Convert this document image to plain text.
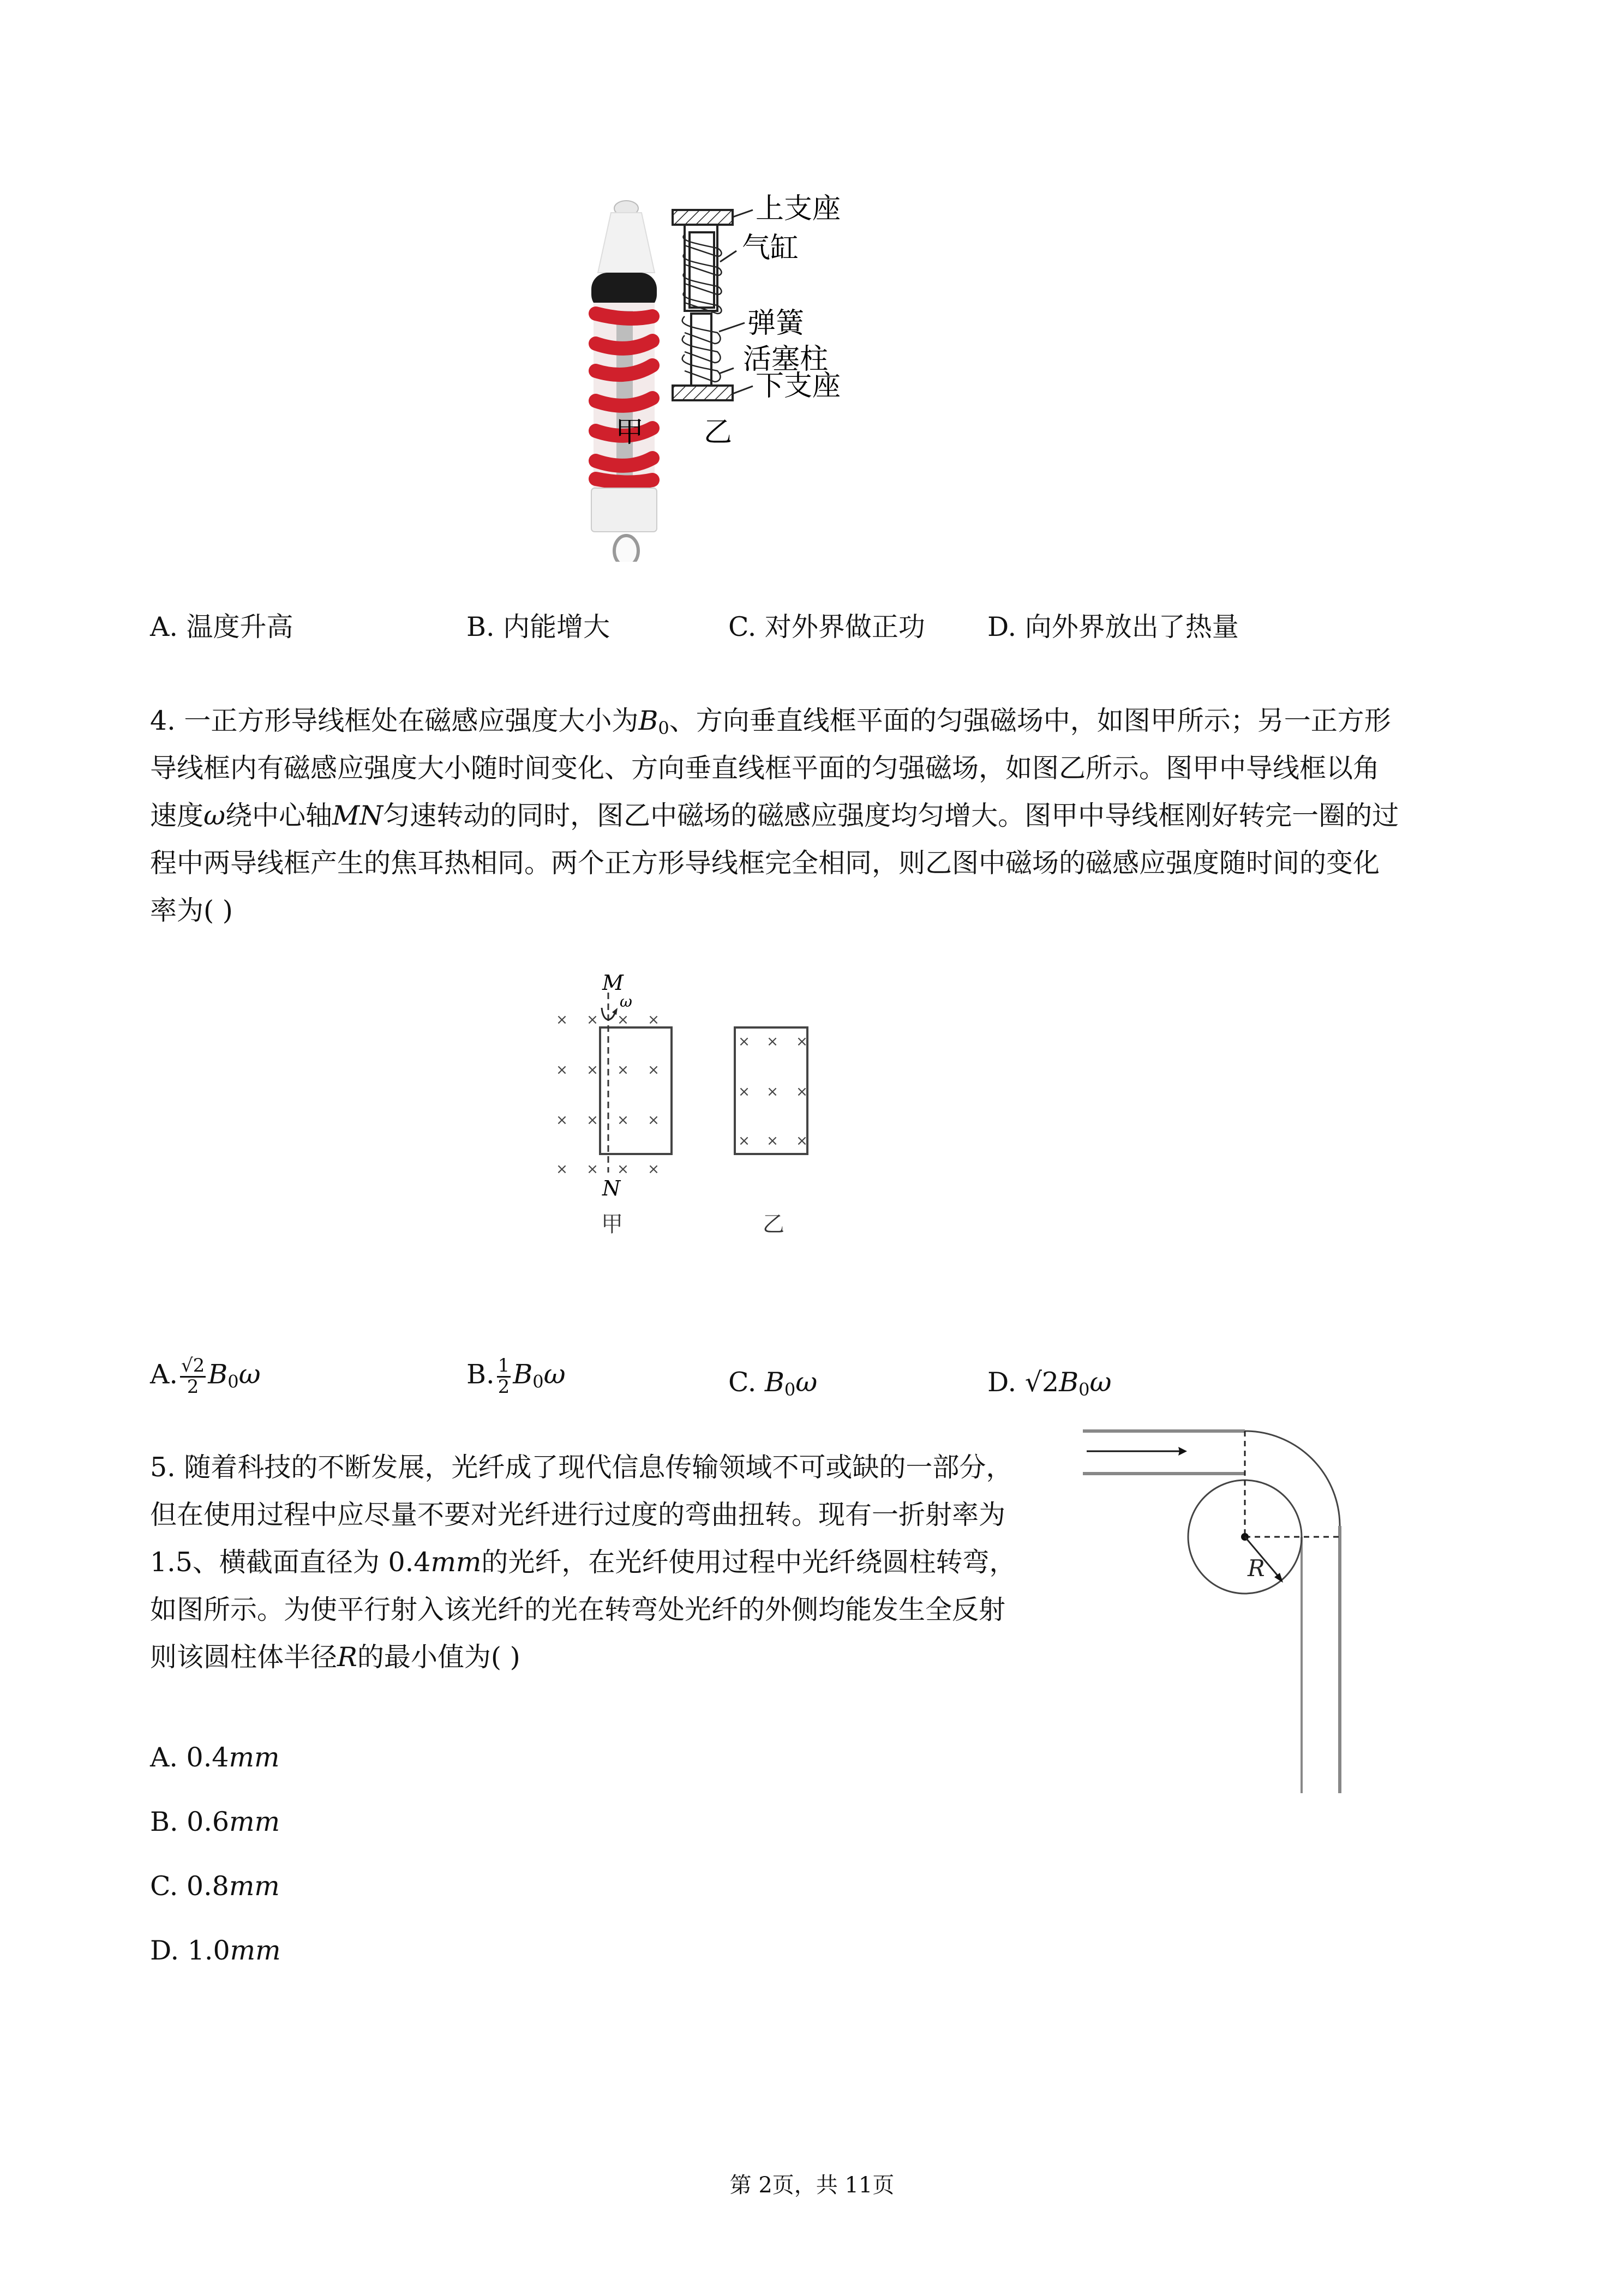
上支座
气缸
弹簧
活塞柱
下支座
甲 乙
A. 温度升高	B. 内能增大	C. 对外界做正功 D. 向外界放出了热量
4. 一正方形导线框处在磁感应强度大小为$B_0$、方向垂直线框平面的匀强磁场中，如图甲所示；另一正方形
导线框内有磁感应强度大小随时间变化、方向垂直线框平面的匀强磁场，如图乙所示。图甲中导线框以角
速度ω绕中心轴MN匀速转动的同时，图乙中磁场的磁感应强度均匀增大。图甲中导线框刚好转完一圈的过
程中两导线框产生的焦耳热相同。两个正方形导线框完全相同，则乙图中磁场的磁感应强度随时间的变化
率为( )
M
ω
N
甲	乙
×
×
×
×
×
×
×
×
×
×
×
×
×
×
×
×
×
×
×
×
×
×
×
×
×
A. $\frac{√2}{2} B_0\omega$	B. $\frac{1}{2} B_0\omega$	C. $B_0\omega$	D. $√2B_0\omega$
5. 随着科技的不断发展，光纤成了现代信息传输领域不可或缺的一部分，
但在使用过程中应尽量不要对光纤进行过度的弯曲扭转。现有一折射率为
1.5、横截面直径为 0.4mm的光纤，在光纤使用过程中光纤绕圆柱转弯，
如图所示。为使平行射入该光纤的光在转弯处光纤的外侧均能发生全反射
则该圆柱体半径R的最小值为( )
R
A. 0.4mm
B. 0.6mm
C. 0.8mm
D. 1.0mm
第 2页，共 11页
